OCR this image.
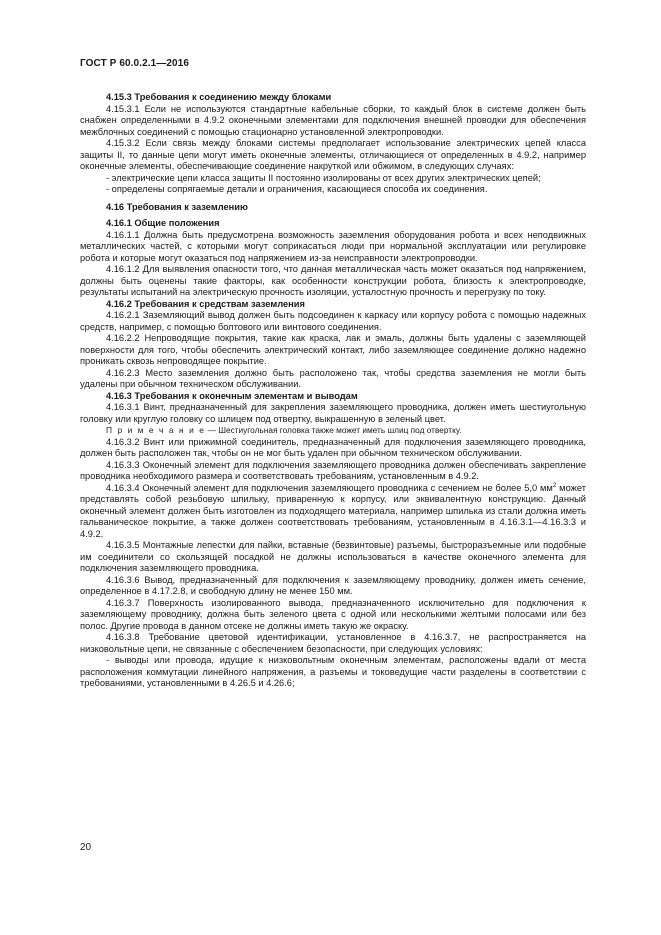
ГОСТ Р 60.0.2.1—2016

4.15.3 Требования к соединению между блоками

4.15.3.1 Если не используются стандартные кабельные сборки, то каждый блок в системе должен быть снабжен определенными в 4.9.2 оконечными элементами для подключения внешней проводки для обеспечения межблочных соединений с помощью стационарно установленной электропроводки.

4.15.3.2 Если связь между блоками системы предполагает использование электрических цепей класса защиты II, то данные цепи могут иметь оконечные элементы, отличающиеся от определенных в 4.9.2, например оконечные элементы, обеспечивающие соединение накруткой или обжимом, в следующих случаях:

- электрические цепи класса защиты II постоянно изолированы от всех других электрических цепей;

- определены сопрягаемые детали и ограничения, касающиеся способа их соединения.

4.16 Требования к заземлению

4.16.1 Общие положения

4.16.1.1 Должна быть предусмотрена возможность заземления оборудования робота и всех неподвижных металлических частей, с которыми могут соприкасаться люди при нормальной эксплуатации или регулировке робота и которые могут оказаться под напряжением из-за неисправности электропроводки.

4.16.1.2 Для выявления опасности того, что данная металлическая часть может оказаться под напряжением, должны быть оценены такие факторы, как особенности конструкции робота, близость к электропроводке, результаты испытаний на электрическую прочность изоляции, усталостную прочность и перегрузку по току.

4.16.2 Требования к средствам заземления

4.16.2.1 Заземляющий вывод должен быть подсоединен к каркасу или корпусу робота с помощью надежных средств, например, с помощью болтового или винтового соединения.

4.16.2.2 Непроводящие покрытия, такие как краска, лак и эмаль, должны быть удалены с заземляющей поверхности для того, чтобы обеспечить электрический контакт, либо заземляющее соединение должно надежно проникать сквозь непроводящее покрытие.

4.16.2.3 Место заземления должно быть расположено так, чтобы средства заземления не могли быть удалены при обычном техническом обслуживании.

4.16.3 Требования к оконечным элементам и выводам

4.16.3.1 Винт, предназначенный для закрепления заземляющего проводника, должен иметь шестиугольную головку или круглую головку со шлицем под отвертку, выкрашенную в зеленый цвет.

П р и м е ч а н и е — Шестиугольная головка также может иметь шлиц под отвертку.

4.16.3.2 Винт или прижимной соединитель, предназначенный для подключения заземляющего проводника, должен быть расположен так, чтобы он не мог быть удален при обычном техническом обслуживании.

4.16.3.3 Оконечный элемент для подключения заземляющего проводника должен обеспечивать закрепление проводника необходимого размера и соответствовать требованиям, установленным в 4.9.2.

4.16.3.4 Оконечный элемент для подключения заземляющего проводника с сечением не более 5,0 $мм^2$ может представлять собой резьбовую шпильку, приваренную к корпусу, или эквивалентную конструкцию. Данный оконечный элемент должен быть изготовлен из подходящего материала, например шпилька из стали должна иметь гальваническое покрытие, а также должен соответствовать требованиям, установленным в 4.16.3.1—4.16.3.3 и 4.9.2.

4.16.3.5 Монтажные лепестки для пайки, вставные (безвинтовые) разъемы, быстроразъемные или подобные им соединители со скользящей посадкой не должны использоваться в качестве оконечного элемента для подключения заземляющего проводника.

4.16.3.6 Вывод, предназначенный для подключения к заземляющему проводнику, должен иметь сечение, определенное в 4.17.2.8, и свободную длину не менее 150 мм.

4.16.3.7 Поверхность изолированного вывода, предназначенного исключительно для подключения к заземляющему проводнику, должна быть зеленого цвета с одной или несколькими желтыми полосами или без полос. Другие провода в данном отсеке не должны иметь такую же окраску.

4.16.3.8 Требование цветовой идентификации, установленное в 4.16.3.7, не распространяется на низковольтные цепи, не связанные с обеспечением безопасности, при следующих условиях:

- выводы или провода, идущие к низковольтным оконечным элементам, расположены вдали от места расположения коммутации линейного напряжения, а разъемы и токоведущие части разделены в соответствии с требованиями, установленными в 4.26.5 и 4.26.6;

20
